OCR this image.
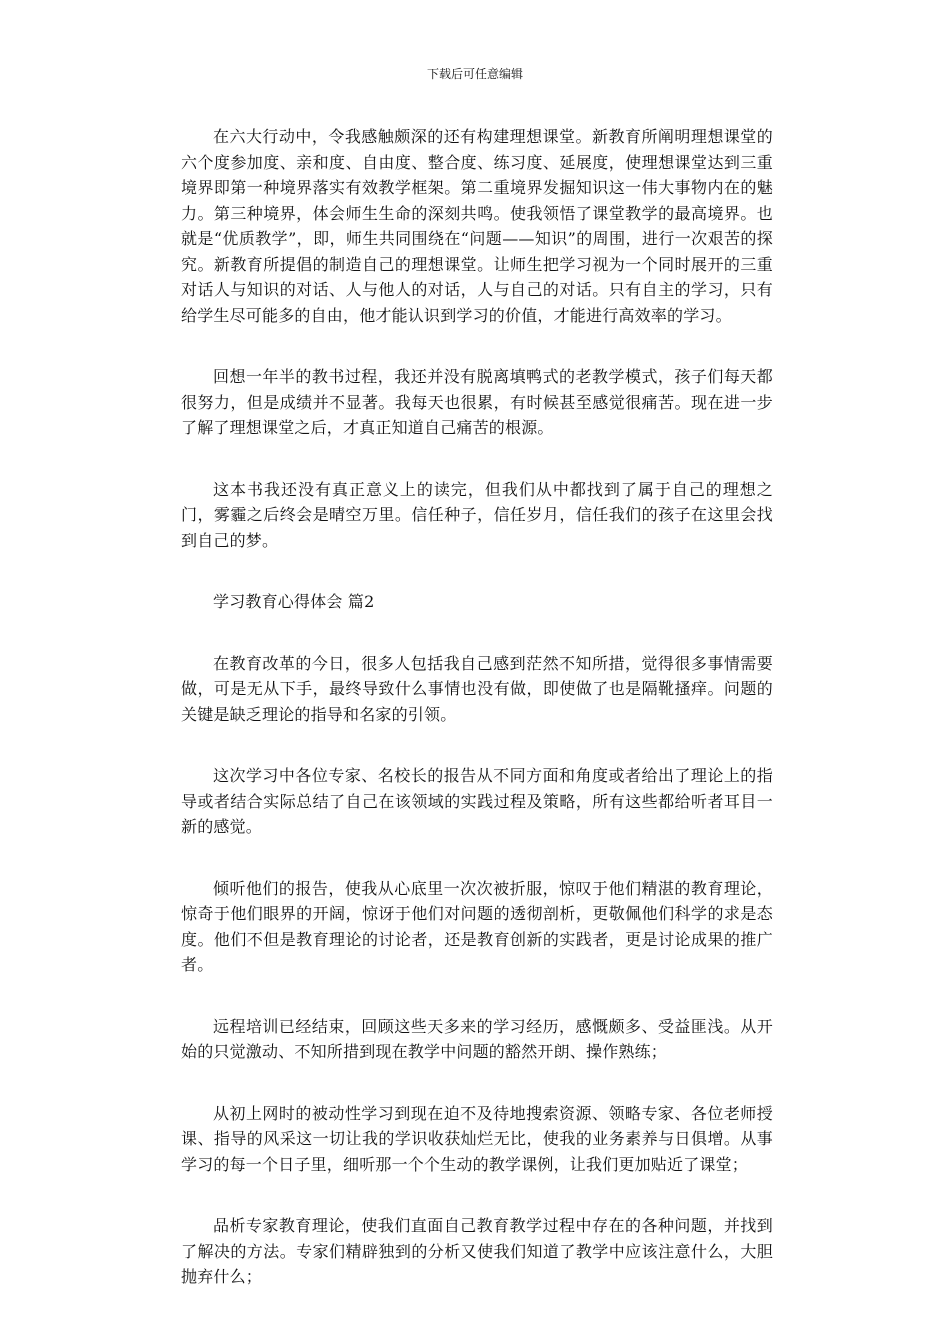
下载后可任意编辑

在六大行动中，令我感触颇深的还有构建理想课堂。新教育所阐明理想课堂的六个度参加度、亲和度、自由度、整合度、练习度、延展度，使理想课堂达到三重境界即第一种境界落实有效教学框架。第二重境界发掘知识这一伟大事物内在的魅力。第三种境界，体会师生生命的深刻共鸣。使我领悟了课堂教学的最高境界。也就是“优质教学”，即，师生共同围绕在“问题——知识”的周围，进行一次艰苦的探究。新教育所提倡的制造自己的理想课堂。让师生把学习视为一个同时展开的三重对话人与知识的对话、人与他人的对话，人与自己的对话。只有自主的学习，只有给学生尽可能多的自由，他才能认识到学习的价值，才能进行高效率的学习。

回想一年半的教书过程，我还并没有脱离填鸭式的老教学模式，孩子们每天都很努力，但是成绩并不显著。我每天也很累，有时候甚至感觉很痛苦。现在进一步了解了理想课堂之后，才真正知道自己痛苦的根源。

这本书我还没有真正意义上的读完，但我们从中都找到了属于自己的理想之门，雾霾之后终会是晴空万里。信任种子，信任岁月，信任我们的孩子在这里会找到自己的梦。

学习教育心得体会 篇2

在教育改革的今日，很多人包括我自己感到茫然不知所措，觉得很多事情需要做，可是无从下手，最终导致什么事情也没有做，即使做了也是隔靴搔痒。问题的关键是缺乏理论的指导和名家的引领。

这次学习中各位专家、名校长的报告从不同方面和角度或者给出了理论上的指导或者结合实际总结了自己在该领域的实践过程及策略，所有这些都给听者耳目一新的感觉。

倾听他们的报告，使我从心底里一次次被折服，惊叹于他们精湛的教育理论，惊奇于他们眼界的开阔，惊讶于他们对问题的透彻剖析，更敬佩他们科学的求是态度。他们不但是教育理论的讨论者，还是教育创新的实践者，更是讨论成果的推广者。

远程培训已经结束，回顾这些天多来的学习经历，感慨颇多、受益匪浅。从开始的只觉激动、不知所措到现在教学中问题的豁然开朗、操作熟练；

从初上网时的被动性学习到现在迫不及待地搜索资源、领略专家、各位老师授课、指导的风采这一切让我的学识收获灿烂无比，使我的业务素养与日俱增。从事学习的每一个日子里，细听那一个个生动的教学课例，让我们更加贴近了课堂；

品析专家教育理论，使我们直面自己教育教学过程中存在的各种问题，并找到了解决的方法。专家们精辟独到的分析又使我们知道了教学中应该注意什么，大胆抛弃什么；
